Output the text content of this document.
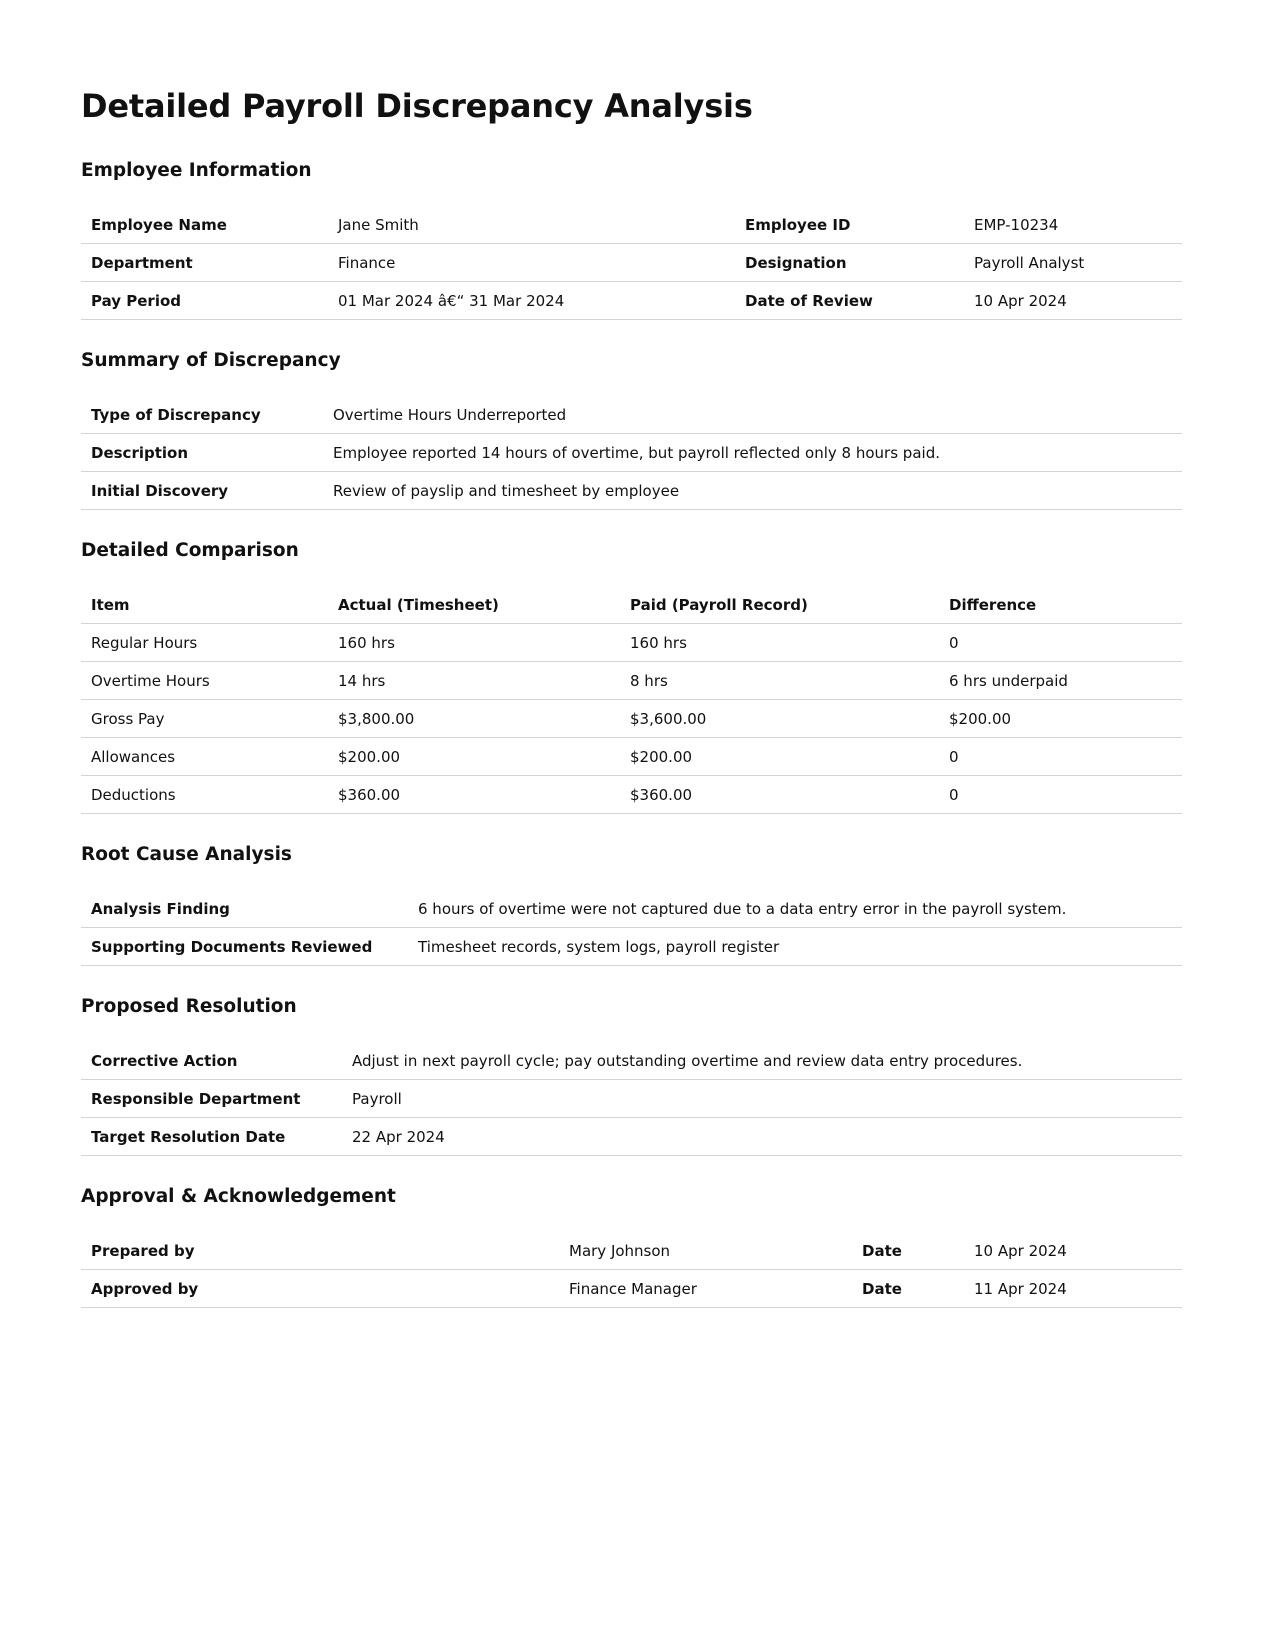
Detailed Payroll Discrepancy Analysis
Employee Information
Employee Name	Jane Smith	Employee ID	EMP-10234
Department	Finance	Designation	Payroll Analyst
Pay Period	01 Mar 2024 â€“ 31 Mar 2024	Date of Review	10 Apr 2024
Summary of Discrepancy
Type of Discrepancy	Overtime Hours Underreported
Description	Employee reported 14 hours of overtime, but payroll reflected only 8 hours paid.
Initial Discovery	Review of payslip and timesheet by employee
Detailed Comparison
Item	Actual (Timesheet)	Paid (Payroll Record)	Difference
Regular Hours	160 hrs	160 hrs	0
Overtime Hours	14 hrs	8 hrs	6 hrs underpaid
Gross Pay	$3,800.00	$3,600.00	$200.00
Allowances	$200.00	$200.00	0
Deductions	$360.00	$360.00	0
Root Cause Analysis
Analysis Finding	6 hours of overtime were not captured due to a data entry error in the payroll system.
Supporting Documents Reviewed	Timesheet records, system logs, payroll register
Proposed Resolution
Corrective Action	Adjust in next payroll cycle; pay outstanding overtime and review data entry procedures.
Responsible Department	Payroll
Target Resolution Date	22 Apr 2024
Approval & Acknowledgement
Prepared by	Mary Johnson	Date	10 Apr 2024
Approved by	Finance Manager	Date	11 Apr 2024
